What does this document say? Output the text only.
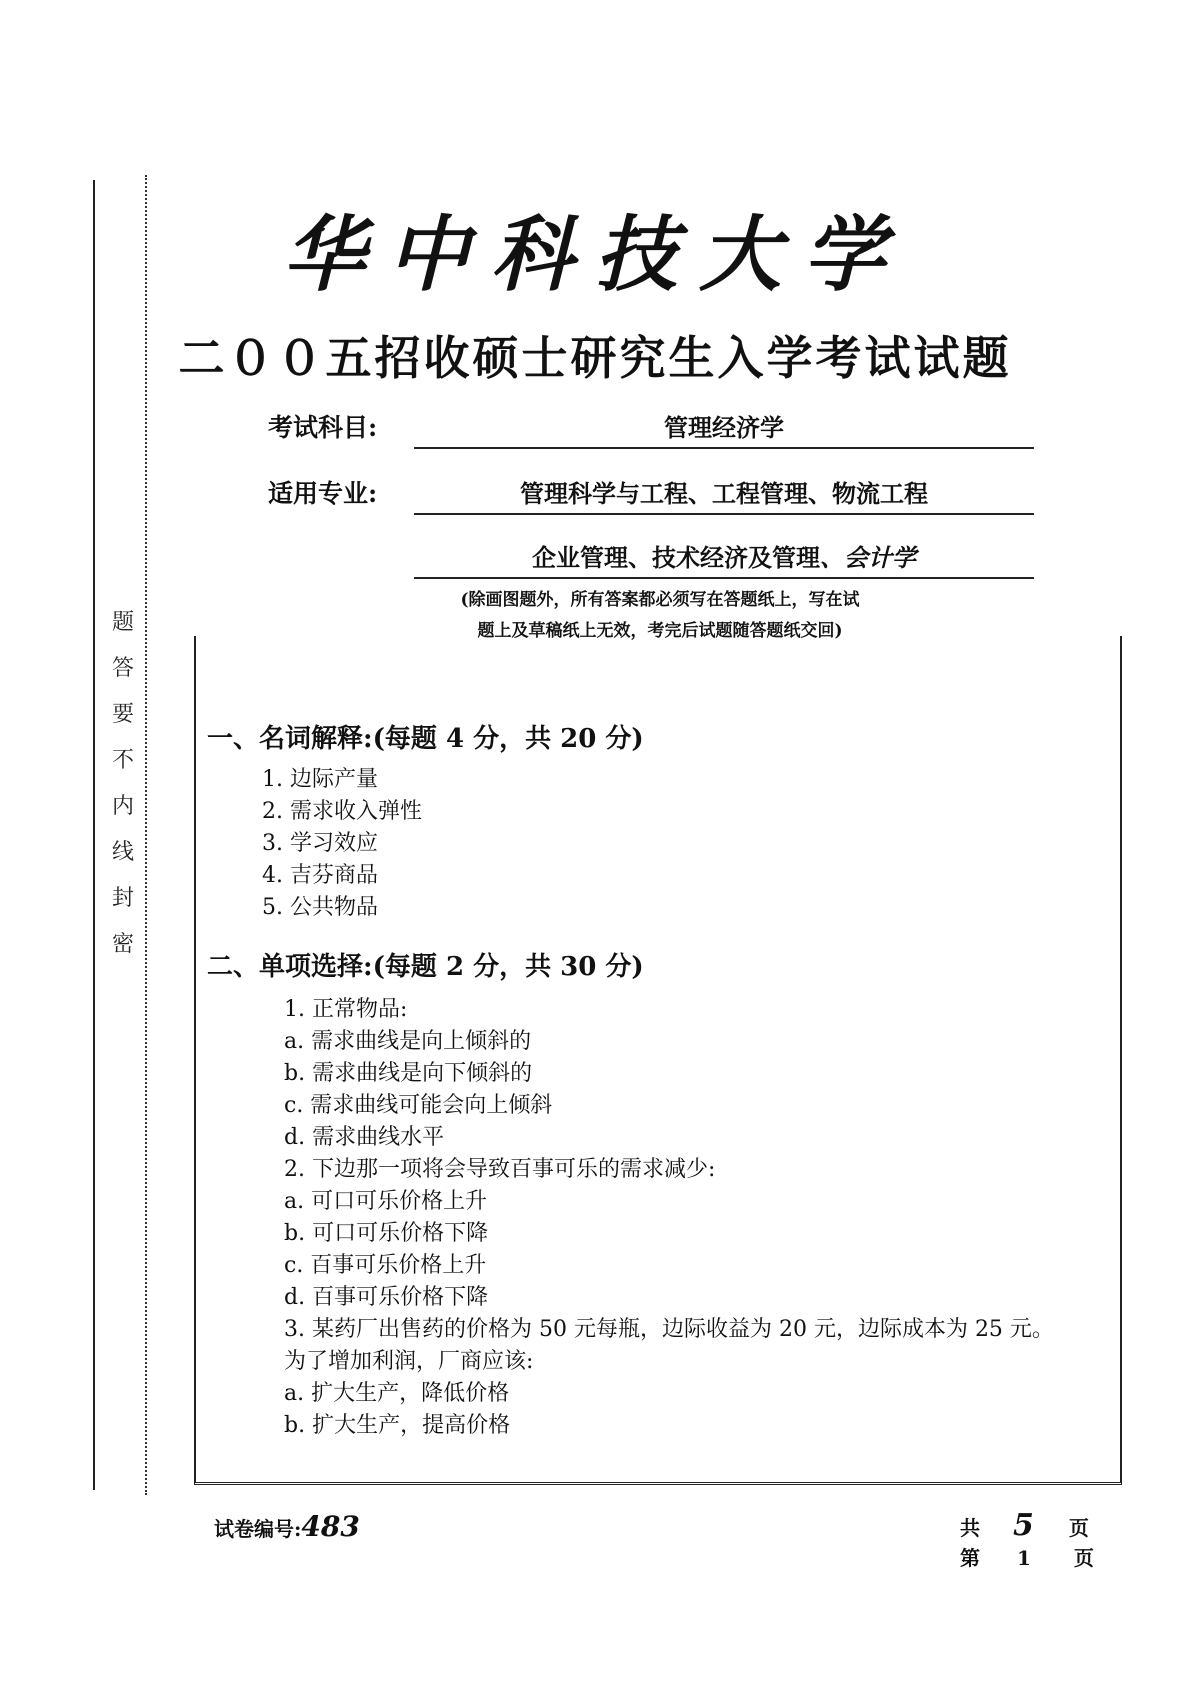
题
答
要
不
内
线
封
密
华中科技大学
二００五招收硕士研究生入学考试试题
考试科目:	管理经济学
适用专业:	管理科学与工程、工程管理、物流工程
企业管理、技术经济及管理、会计学
(除画图题外，所有答案都必须写在答题纸上，写在试
题上及草稿纸上无效，考完后试题随答题纸交回)
一、名词解释:(每题 4 分，共 20 分)
1. 边际产量
2. 需求收入弹性
3. 学习效应
4. 吉芬商品
5. 公共物品
二、单项选择:(每题 2 分，共 30 分)
1. 正常物品:
a. 需求曲线是向上倾斜的
b. 需求曲线是向下倾斜的
c. 需求曲线可能会向上倾斜
d. 需求曲线水平
2. 下边那一项将会导致百事可乐的需求减少:
a. 可口可乐价格上升
b. 可口可乐价格下降
c. 百事可乐价格上升
d. 百事可乐价格下降
3. 某药厂出售药的价格为 50 元每瓶，边际收益为 20 元，边际成本为 25 元。
为了增加利润，厂商应该:
a. 扩大生产，降低价格
b. 扩大生产，提高价格
试卷编号:483	共 5 页
第 1 页
